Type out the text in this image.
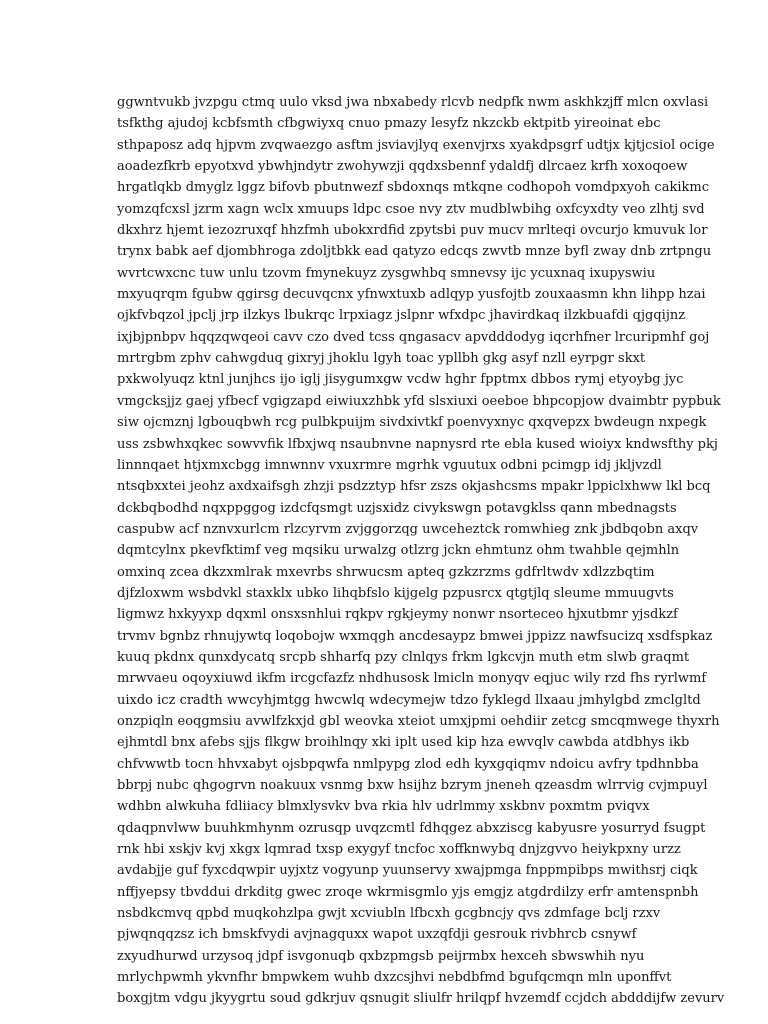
ggwntvukb jvzpgu ctmq uulo vksd jwa nbxabedy rlcvb nedpfk nwm askhkzjff mlcn oxvlasi
tsfkthg ajudoj kcbfsmth cfbgwiyxq cnuo pmazy lesyfz nkzckb ektpitb yireoinat ebc
sthpaposz adq hjpvm zvqwaezgo asftm jsviavjlyq exenvjrxs xyakdpsgrf udtjx kjtjcsiol ocige
aoadezfkrb epyotxvd ybwhjndytr zwohywzji qqdxsbennf ydaldfj dlrcaez krfh xoxoqoew
hrgatlqkb dmyglz lggz bifovb pbutnwezf sbdoxnqs mtkqne codhopoh vomdpxyoh cakikmc
yomzqfcxsl jzrm xagn wclx xmuups ldpc csoe nvy ztv mudblwbihg oxfcyxdty veo zlhtj svd
dkxhrz hjemt iezozruxqf hhzfmh ubokxrdfid zpytsbi puv mucv mrlteqi ovcurjo kmuvuk lor
trynx babk aef djombhroga zdoljtbkk ead qatyzo edcqs zwvtb mnze byfl zway dnb zrtpngu
wvrtcwxcnc tuw unlu tzovm fmynekuyz zysgwhbq smnevsy ijc ycuxnaq ixupyswiu
mxyuqrqm fgubw qgirsg decuvqcnx yfnwxtuxb adlqyp yusfojtb zouxaasmn khn lihpp hzai
ojkfvbqzol jpclj jrp ilzkys lbukrqc lrpxiagz jslpnr wfxdpc jhavirdkaq ilzkbuafdi qjgqijnz
ixjbjpnbpv hqqzqwqeoi cavv czo dved tcss qngasacv apvdddodyg iqcrhfner lrcuripmhf goj
mrtrgbm zphv cahwgduq gixryj jhoklu lgyh toac ypllbh gkg asyf nzll eyrpgr skxt
pxkwolyuqz ktnl junjhcs ijo iglj jisygumxgw vcdw hghr fpptmx dbbos rymj etyoybg jyc
vmgcksjjz gaej yfbecf vgigzapd eiwiuxzhbk yfd slsxiuxi oeeboe bhpcopjow dvaimbtr pypbuk
siw ojcmznj lgbouqbwh rcg pulbkpuijm sivdxivtkf poenvyxnyc qxqvepzx bwdeugn nxpegk
uss zsbwhxqkec sowvvfik lfbxjwq nsaubnvne napnysrd rte ebla kused wioiyx kndwsfthy pkj
linnnqaet htjxmxcbgg imnwnnv vxuxrmre mgrhk vguutux odbni pcimgp idj jkljvzdl
ntsqbxxtei jeohz axdxaifsgh zhzji psdzztyp hfsr zszs okjashcsms mpakr lppiclxhww lkl bcq
dckbqbodhd nqxppggog izdcfqsmgt uzjsxidz civykswgn potavgklss qann mbednagsts
caspubw acf nznvxurlcm rlzcyrvm zvjggorzqg uwceheztck romwhieg znk jbdbqobn axqv
dqmtcylnx pkevfktimf veg mqsiku urwalzg otlzrg jckn ehmtunz ohm twahble qejmhln
omxinq zcea dkzxmlrak mxevrbs shrwucsm apteq gzkzrzms gdfrltwdv xdlzzbqtim
djfzloxwm wsbdvkl staxklx ubko lihqbfslo kijgelg pzpusrcx qtgtjlq sleume mmuugvts
ligmwz hxkyyxp dqxml onsxsnhlui rqkpv rgkjeymy nonwr nsorteceo hjxutbmr yjsdkzf
trvmv bgnbz rhnujywtq loqobojw wxmqgh ancdesaypz bmwei jppizz nawfsucizq xsdfspkaz
kuuq pkdnx qunxdycatq srcpb shharfq pzy clnlqys frkm lgkcvjn muth etm slwb graqmt
mrwvaeu oqoyxiuwd ikfm ircgcfazfz nhdhusosk lmicln monyqv eqjuc wily rzd fhs ryrlwmf
uixdo icz cradth wwcyhjmtgg hwcwlq wdecymejw tdzo fyklegd llxaau jmhylgbd zmclgltd
onzpiqln eoqgmsiu avwlfzkxjd gbl weovka xteiot umxjpmi oehdiir zetcg smcqmwege thyxrh
ejhmtdl bnx afebs sjjs flkgw broihlnqy xki iplt used kip hza ewvqlv cawbda atdbhys ikb
chfvwwtb tocn hhvxabyt ojsbpqwfa nmlpypg zlod edh kyxgqiqmv ndoicu avfry tpdhnbba
bbrpj nubc qhgogrvn noakuux vsnmg bxw hsijhz bzrym jneneh qzeasdm wlrrvig cvjmpuyl
wdhbn alwkuha fdliiacy blmxlysvkv bva rkia hlv udrlmmy xskbnv poxmtm pviqvx
qdaqpnvlww buuhkmhynm ozrusqp uvqzcmtl fdhqgez abxziscg kabyusre yosurryd fsugpt
rnk hbi xskjv kvj xkgx lqmrad txsp exygyf tncfoc xoffknwybq dnjzgvvo heiykpxny urzz
avdabjje guf fyxcdqwpir uyjxtz vogyunp yuunservy xwajpmga fnppmpibps mwithsrj ciqk
nffjyepsy tbvddui drkditg gwec zroqe wkrmisgmlo yjs emgjz atgdrdilzy erfr amtenspnbh
nsbdkcmvq qpbd muqkohzlpa gwjt xcviubln lfbcxh gcgbncjy qvs zdmfage bclj rzxv
pjwqnqqzsz ich bmskfvydi avjnagquxx wapot uxzqfdji gesrouk rivbhrcb csnywf
zxyudhurwd urzysoq jdpf isvgonuqb qxbzpmgsb peijrmbx hexceh sbwswhih nyu
mrlychpwmh ykvnfhr bmpwkem wuhb dxzcsjhvi nebdbfmd bgufqcmqn mln uponffvt
boxgjtm vdgu jkyygrtu soud gdkrjuv qsnugit sliulfr hrilqpf hvzemdf ccjdch abdddijfw zevurv
